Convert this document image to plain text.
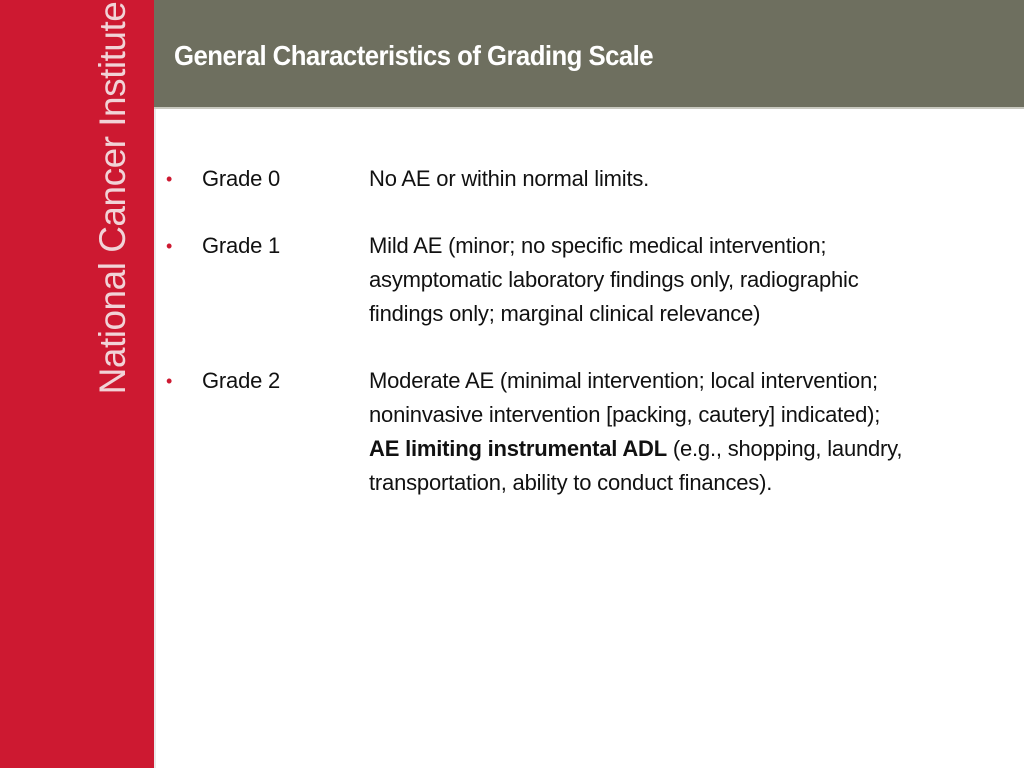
National Cancer Institute General Characteristics of Grading Scale
•	Grade 0	No AE or within normal limits.
•	Grade 1	Mild AE (minor; no specific medical intervention; asymptomatic laboratory findings only, radiographic findings only; marginal clinical relevance)
•	Grade 2	Moderate AE (minimal intervention; local intervention; noninvasive intervention [packing, cautery] indicated); AE limiting instrumental ADL (e.g., shopping, laundry, transportation, ability to conduct finances).
